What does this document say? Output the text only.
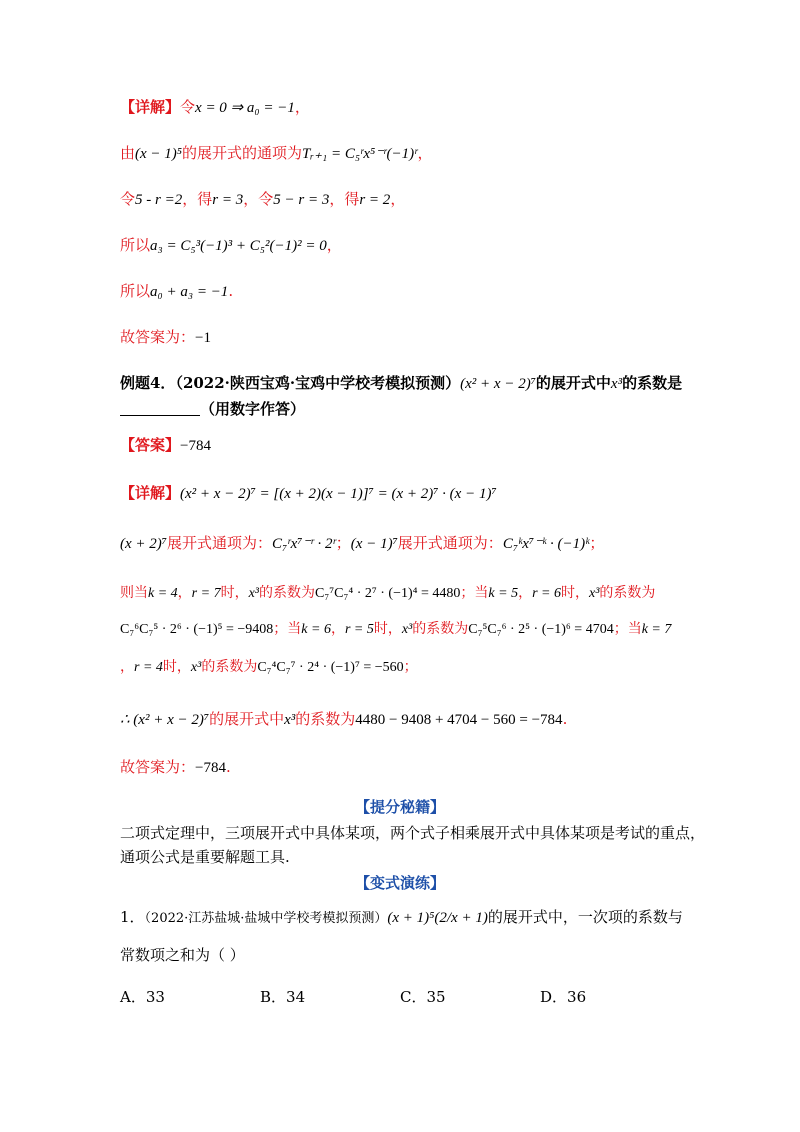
【详解】令x = 0 ⇒ a₀ = −1，
由(x − 1)⁵的展开式的通项为Tᵣ₊₁ = C₅ʳx⁵⁻ʳ(−1)ʳ，
令5 - r =2，得r = 3，令5 − r = 3，得r = 2，
所以a₃ = C₅³(−1)³ + C₅²(−1)² = 0，
所以a₀ + a₃ = −1.
故答案为：−1
例题4．（2022·陕西宝鸡·宝鸡中学校考模拟预测）(x² + x − 2)⁷的展开式中x³的系数是
（用数字作答）
【答案】−784
【详解】(x² + x − 2)⁷ = [(x + 2)(x − 1)]⁷ = (x + 2)⁷ · (x − 1)⁷
(x + 2)⁷展开式通项为：C₇ʳx⁷⁻ʳ · 2ʳ；(x − 1)⁷展开式通项为：C₇ᵏx⁷⁻ᵏ · (−1)ᵏ；
则当k = 4，r = 7时，x³的系数为C₇⁷C₇⁴ · 2⁷ · (−1)⁴ = 4480；当k = 5，r = 6时，x³的系数为
C₇⁶C₇⁵ · 2⁶ · (−1)⁵ = −9408；当k = 6，r = 5时，x³的系数为C₇⁵C₇⁶ · 2⁵ · (−1)⁶ = 4704；当k = 7
，r = 4时，x³的系数为C₇⁴C₇⁷ · 2⁴ · (−1)⁷ = −560；
∴ (x² + x − 2)⁷的展开式中x³的系数为4480 − 9408 + 4704 − 560 = −784.
故答案为：−784.
【提分秘籍】
二项式定理中，三项展开式中具体某项，两个式子相乘展开式中具体某项是考试的重点，
通项公式是重要解题工具.
【变式演练】
1．（2022·江苏盐城·盐城中学校考模拟预测）(x + 1)⁵(2/x + 1)的展开式中，一次项的系数与
常数项之和为（ ）
A．33	B．34	C．35	D．36
